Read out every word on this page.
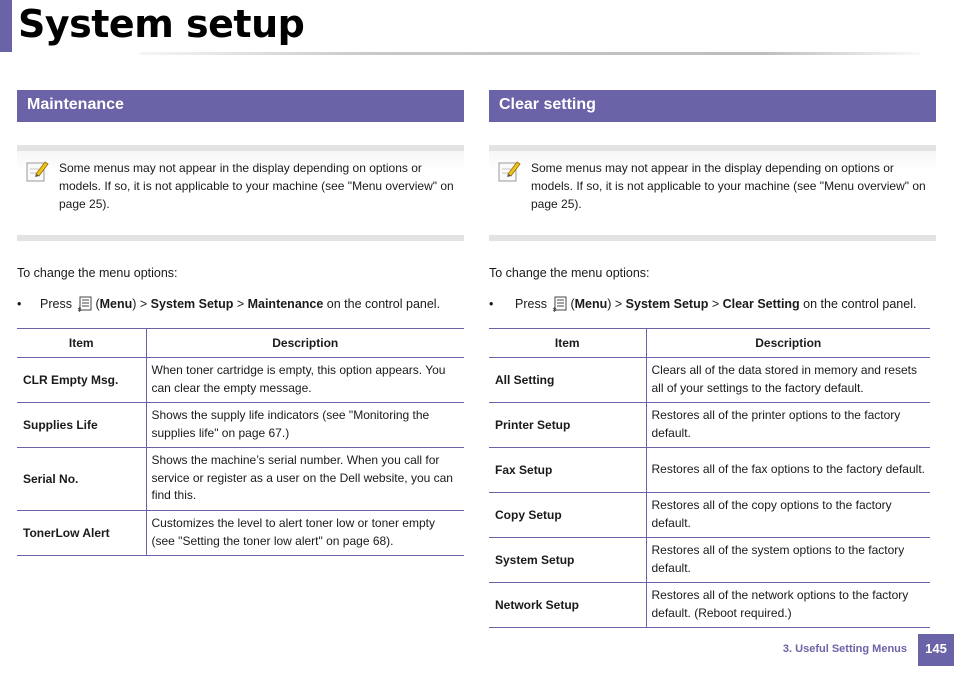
System setup
Maintenance
Some menus may not appear in the display depending on options or models. If so, it is not applicable to your machine (see "Menu overview" on page 25).
To change the menu options:
• Press (Menu) > System Setup > Maintenance on the control panel.
Item	Description
CLR Empty Msg.	When toner cartridge is empty, this option appears. You can clear the empty message.
Supplies Life	Shows the supply life indicators (see "Monitoring the supplies life" on page 67.)
Serial No.	Shows the machine’s serial number. When you call for service or register as a user on the Dell website, you can find this.
TonerLow Alert	Customizes the level to alert toner low or toner empty (see "Setting the toner low alert" on page 68).
Clear setting
Some menus may not appear in the display depending on options or models. If so, it is not applicable to your machine (see "Menu overview" on page 25).
To change the menu options:
• Press (Menu) > System Setup > Clear Setting on the control panel.
Item	Description
All Setting	Clears all of the data stored in memory and resets all of your settings to the factory default.
Printer Setup	Restores all of the printer options to the factory default.
Fax Setup	Restores all of the fax options to the factory default.
Copy Setup	Restores all of the copy options to the factory default.
System Setup	Restores all of the system options to the factory default.
Network Setup	Restores all of the network options to the factory default. (Reboot required.)
3. Useful Setting Menus	145
